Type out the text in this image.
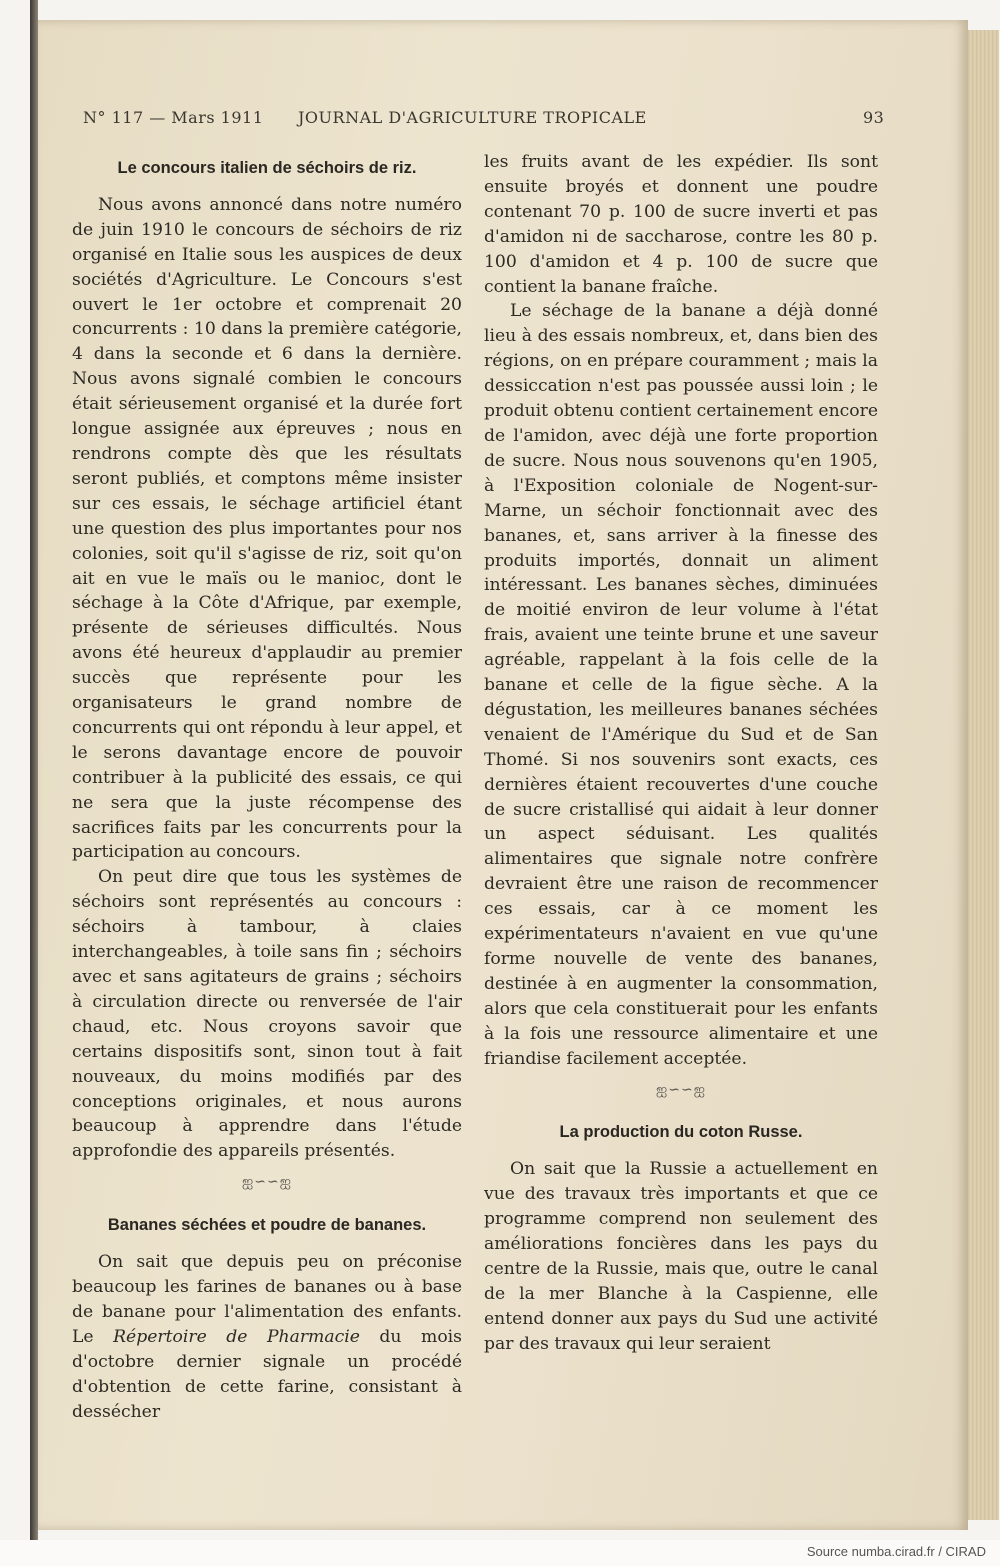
N° 117 — Mars 1911 JOURNAL D'AGRICULTURE TROPICALE	93
Le concours italien de séchoirs de riz.

Nous avons annoncé dans notre numéro de juin 1910 le concours de séchoirs de riz organisé en Italie sous les auspices de deux sociétés d'Agriculture. Le Concours s'est ouvert le 1er octobre et comprenait 20 concurrents : 10 dans la première catégorie, 4 dans la seconde et 6 dans la dernière. Nous avons signalé combien le concours était sérieusement organisé et la durée fort longue assignée aux épreuves ; nous en rendrons compte dès que les résultats seront publiés, et comptons même insister sur ces essais, le séchage artificiel étant une question des plus importantes pour nos colonies, soit qu'il s'agisse de riz, soit qu'on ait en vue le maïs ou le manioc, dont le séchage à la Côte d'Afrique, par exemple, présente de sérieuses difficultés. Nous avons été heureux d'applaudir au premier succès que représente pour les organisateurs le grand nombre de concurrents qui ont répondu à leur appel, et le serons davantage encore de pouvoir contribuer à la publicité des essais, ce qui ne sera que la juste récompense des sacrifices faits par les concurrents pour la participation au concours.

On peut dire que tous les systèmes de séchoirs sont représentés au concours : séchoirs à tambour, à claies interchangeables, à toile sans fin ; séchoirs avec et sans agitateurs de grains ; séchoirs à circulation directe ou renversée de l'air chaud, etc. Nous croyons savoir que certains dispositifs sont, sinon tout à fait nouveaux, du moins modifiés par des conceptions originales, et nous aurons beaucoup à apprendre dans l'étude approfondie des appareils présentés.

ஐ∽∽ஐ
Bananes séchées et poudre de bananes.

On sait que depuis peu on préconise beaucoup les farines de bananes ou à base de banane pour l'alimentation des enfants. Le Répertoire de Pharmacie du mois d'octobre dernier signale un procédé d'obtention de cette farine, consistant à dessécher

les fruits avant de les expédier. Ils sont ensuite broyés et donnent une poudre contenant 70 p. 100 de sucre inverti et pas d'amidon ni de saccharose, contre les 80 p. 100 d'amidon et 4 p. 100 de sucre que contient la banane fraîche.

Le séchage de la banane a déjà donné lieu à des essais nombreux, et, dans bien des régions, on en prépare couramment ; mais la dessiccation n'est pas poussée aussi loin ; le produit obtenu contient certainement encore de l'amidon, avec déjà une forte proportion de sucre. Nous nous souvenons qu'en 1905, à l'Exposition coloniale de Nogent-sur-Marne, un séchoir fonctionnait avec des bananes, et, sans arriver à la finesse des produits importés, donnait un aliment intéressant. Les bananes sèches, diminuées de moitié environ de leur volume à l'état frais, avaient une teinte brune et une saveur agréable, rappelant à la fois celle de la banane et celle de la figue sèche. A la dégustation, les meilleures bananes séchées venaient de l'Amérique du Sud et de San Thomé. Si nos souvenirs sont exacts, ces dernières étaient recouvertes d'une couche de sucre cristallisé qui aidait à leur donner un aspect séduisant. Les qualités alimentaires que signale notre confrère devraient être une raison de recommencer ces essais, car à ce moment les expérimentateurs n'avaient en vue qu'une forme nouvelle de vente des bananes, destinée à en augmenter la consommation, alors que cela constituerait pour les enfants à la fois une ressource alimentaire et une friandise facilement acceptée.

ஐ∽∽ஐ
La production du coton Russe.

On sait que la Russie a actuellement en vue des travaux très importants et que ce programme comprend non seulement des améliorations foncières dans les pays du centre de la Russie, mais que, outre le canal de la mer Blanche à la Caspienne, elle entend donner aux pays du Sud une activité par des travaux qui leur seraient

Source numba.cirad.fr / CIRAD
